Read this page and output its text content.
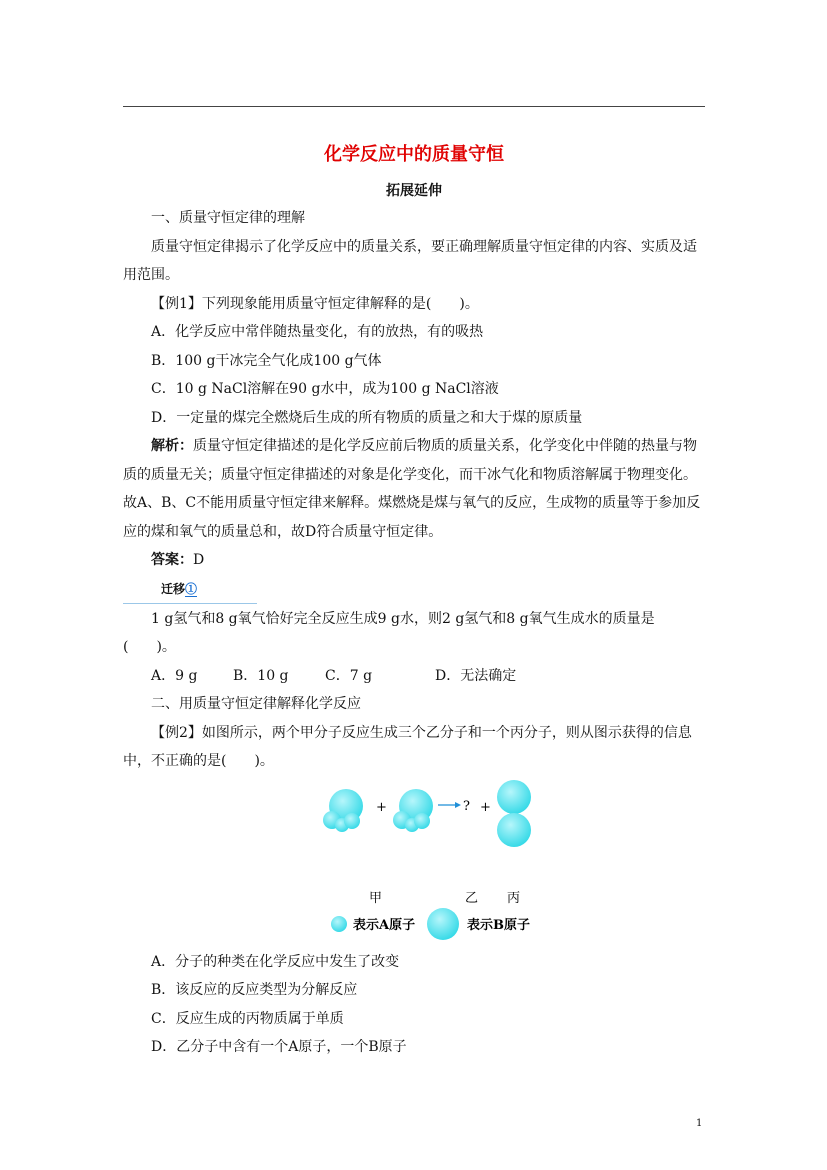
化学反应中的质量守恒
拓展延伸

一、质量守恒定律的理解

质量守恒定律揭示了化学反应中的质量关系，要正确理解质量守恒定律的内容、实质及适用范围。

【例1】下列现象能用质量守恒定律解释的是(　　)。

A．化学反应中常伴随热量变化，有的放热，有的吸热

B．100 g干冰完全气化成100 g气体

C．10 g NaCl溶解在90 g水中，成为100 g NaCl溶液

D．一定量的煤完全燃烧后生成的所有物质的质量之和大于煤的原质量

解析：质量守恒定律描述的是化学反应前后物质的质量关系，化学变化中伴随的热量与物质的质量无关；质量守恒定律描述的对象是化学变化，而干冰气化和物质溶解属于物理变化。故A、B、C不能用质量守恒定律来解释。煤燃烧是煤与氧气的反应，生成物的质量等于参加反应的煤和氧气的质量总和，故D符合质量守恒定律。

答案：D

迁移①

1 g氢气和8 g氧气恰好完全反应生成9 g水，则2 g氢气和8 g氧气生成水的质量是(　　)。

A．9 g	B．10 g	C．7 g	D．无法确定

二、用质量守恒定律解释化学反应

【例2】如图所示，两个甲分子反应生成三个乙分子和一个丙分子，则从图示获得的信息中，不正确的是(　　)。

+	? +
甲	乙 丙
表示A原子	表示B原子

A．分子的种类在化学反应中发生了改变

B．该反应的反应类型为分解反应

C．反应生成的丙物质属于单质

D．乙分子中含有一个A原子，一个B原子

1
